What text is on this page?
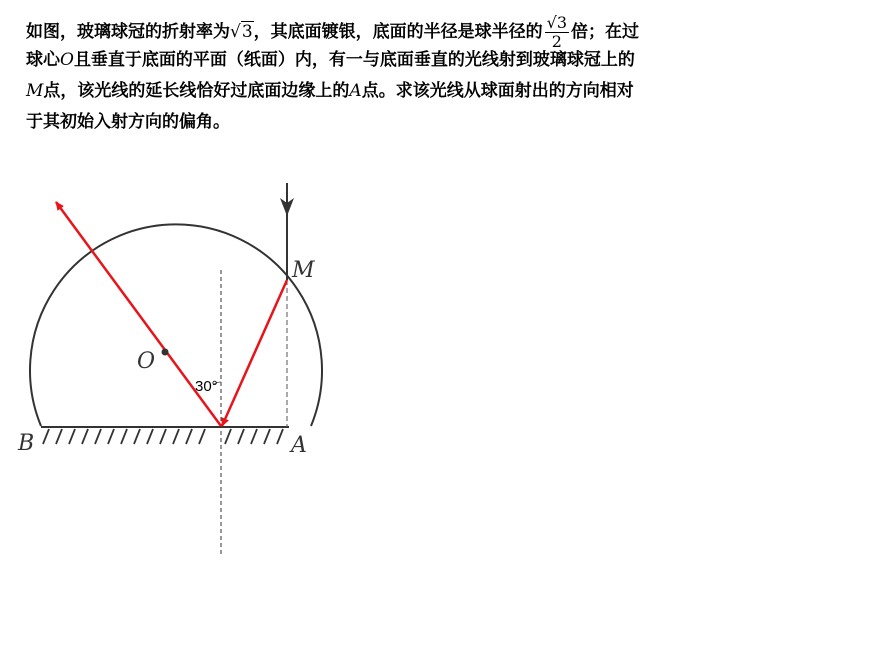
如图，玻璃球冠的折射率为√3，其底面镀银，底面的半径是球半径的 $\frac{√3}{2}$ 倍；在过
球心O且垂直于底面的平面（纸面）内，有一与底面垂直的光线射到玻璃球冠上的
M点，该光线的延长线恰好过底面边缘上的A点。求该光线从球面射出的方向相对
于其初始入射方向的偏角。
M
O
B	A
30°
